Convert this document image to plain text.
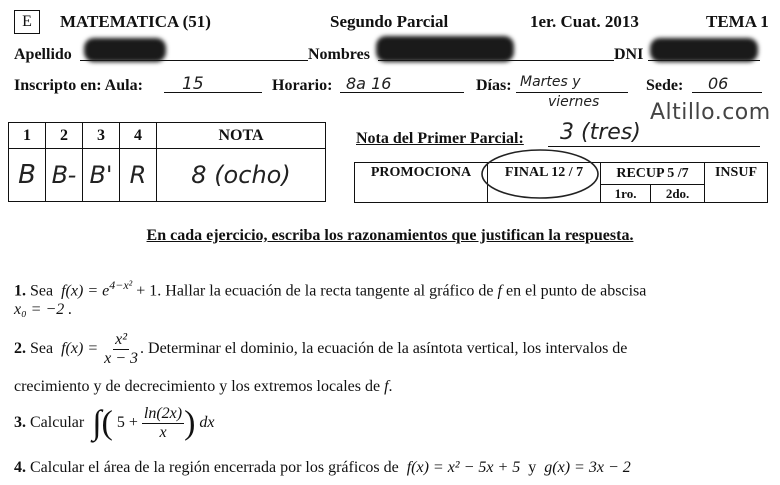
E	MATEMATICA (51)	Segundo Parcial	1er. Cuat. 2013	TEMA 1
Apellido	Nombres	DNI
Inscripto en: Aula: 15	Horario: 8a 16	Días: Martes y
viernes
Sede: 06
Altillo.com
1	2	3	4	NOTA
B	B-	B'	R	8 (ocho)
Nota del Primer Parcial: 3 (tres)
PROMOCIONA	FINAL 12 / 7	RECUP 5 /7		INSUF
		1ro.	2do.	
En cada ejercicio, escriba los razonamientos que justifican la respuesta.
1. Sea $f(x) = e^{4-x^2} + 1$. Hallar la ecuación de la recta tangente al gráfico de f en el punto de abscisa
x₀ = −2 .
2. Sea $f(x) = \frac{\text{x²}}{x - 3}$ . Determinar el dominio, la ecuación de la asíntota vertical, los intervalos de
crecimiento y de decrecimiento y los extremos locales de f.
3. Calcular ∫( $5 + \frac{\ln(2x)}{x}$ ) dx
4. Calcular el área de la región encerrada por los gráficos de f(x) = x² − 5x + 5 y g(x) = 3x − 2
